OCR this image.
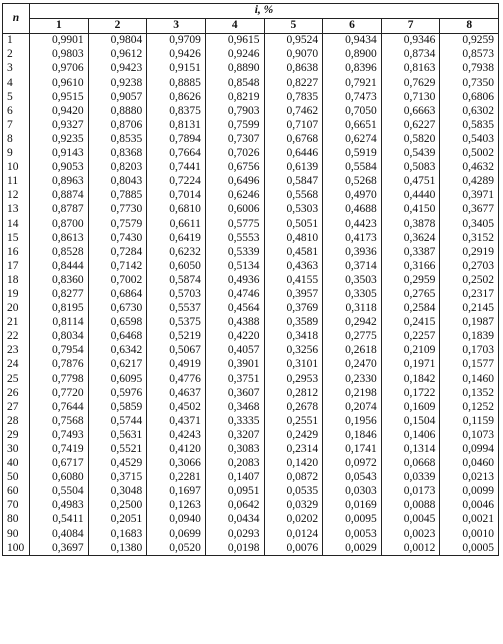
n	i, %							
	1	2	3	4	5	6	7	8
1	0,9901	0,9804	0,9709	0,9615	0,9524	0,9434	0,9346	0,9259
2	0,9803	0,9612	0,9426	0,9246	0,9070	0,8900	0,8734	0,8573
3	0,9706	0,9423	0,9151	0,8890	0,8638	0,8396	0,8163	0,7938
4	0,9610	0,9238	0,8885	0,8548	0,8227	0,7921	0,7629	0,7350
5	0,9515	0,9057	0,8626	0,8219	0,7835	0,7473	0,7130	0,6806
6	0,9420	0,8880	0,8375	0,7903	0,7462	0,7050	0,6663	0,6302
7	0,9327	0,8706	0,8131	0,7599	0,7107	0,6651	0,6227	0,5835
8	0,9235	0,8535	0,7894	0,7307	0,6768	0,6274	0,5820	0,5403
9	0,9143	0,8368	0,7664	0,7026	0,6446	0,5919	0,5439	0,5002
10	0,9053	0,8203	0,7441	0,6756	0,6139	0,5584	0,5083	0,4632
11	0,8963	0,8043	0,7224	0,6496	0,5847	0,5268	0,4751	0,4289
12	0,8874	0,7885	0,7014	0,6246	0,5568	0,4970	0,4440	0,3971
13	0,8787	0,7730	0,6810	0,6006	0,5303	0,4688	0,4150	0,3677
14	0,8700	0,7579	0,6611	0,5775	0,5051	0,4423	0,3878	0,3405
15	0,8613	0,7430	0,6419	0,5553	0,4810	0,4173	0,3624	0,3152
16	0,8528	0,7284	0,6232	0,5339	0,4581	0,3936	0,3387	0,2919
17	0,8444	0,7142	0,6050	0,5134	0,4363	0,3714	0,3166	0,2703
18	0,8360	0,7002	0,5874	0,4936	0,4155	0,3503	0,2959	0,2502
19	0,8277	0,6864	0,5703	0,4746	0,3957	0,3305	0,2765	0,2317
20	0,8195	0,6730	0,5537	0,4564	0,3769	0,3118	0,2584	0,2145
21	0,8114	0,6598	0,5375	0,4388	0,3589	0,2942	0,2415	0,1987
22	0,8034	0,6468	0,5219	0,4220	0,3418	0,2775	0,2257	0,1839
23	0,7954	0,6342	0,5067	0,4057	0,3256	0,2618	0,2109	0,1703
24	0,7876	0,6217	0,4919	0,3901	0,3101	0,2470	0,1971	0,1577
25	0,7798	0,6095	0,4776	0,3751	0,2953	0,2330	0,1842	0,1460
26	0,7720	0,5976	0,4637	0,3607	0,2812	0,2198	0,1722	0,1352
27	0,7644	0,5859	0,4502	0,3468	0,2678	0,2074	0,1609	0,1252
28	0,7568	0,5744	0,4371	0,3335	0,2551	0,1956	0,1504	0,1159
29	0,7493	0,5631	0,4243	0,3207	0,2429	0,1846	0,1406	0,1073
30	0,7419	0,5521	0,4120	0,3083	0,2314	0,1741	0,1314	0,0994
40	0,6717	0,4529	0,3066	0,2083	0,1420	0,0972	0,0668	0,0460
50	0,6080	0,3715	0,2281	0,1407	0,0872	0,0543	0,0339	0,0213
60	0,5504	0,3048	0,1697	0,0951	0,0535	0,0303	0,0173	0,0099
70	0,4983	0,2500	0,1263	0,0642	0,0329	0,0169	0,0088	0,0046
80	0,5411	0,2051	0,0940	0,0434	0,0202	0,0095	0,0045	0,0021
90	0,4084	0,1683	0,0699	0,0293	0,0124	0,0053	0,0023	0,0010
100	0,3697	0,1380	0,0520	0,0198	0,0076	0,0029	0,0012	0,0005
